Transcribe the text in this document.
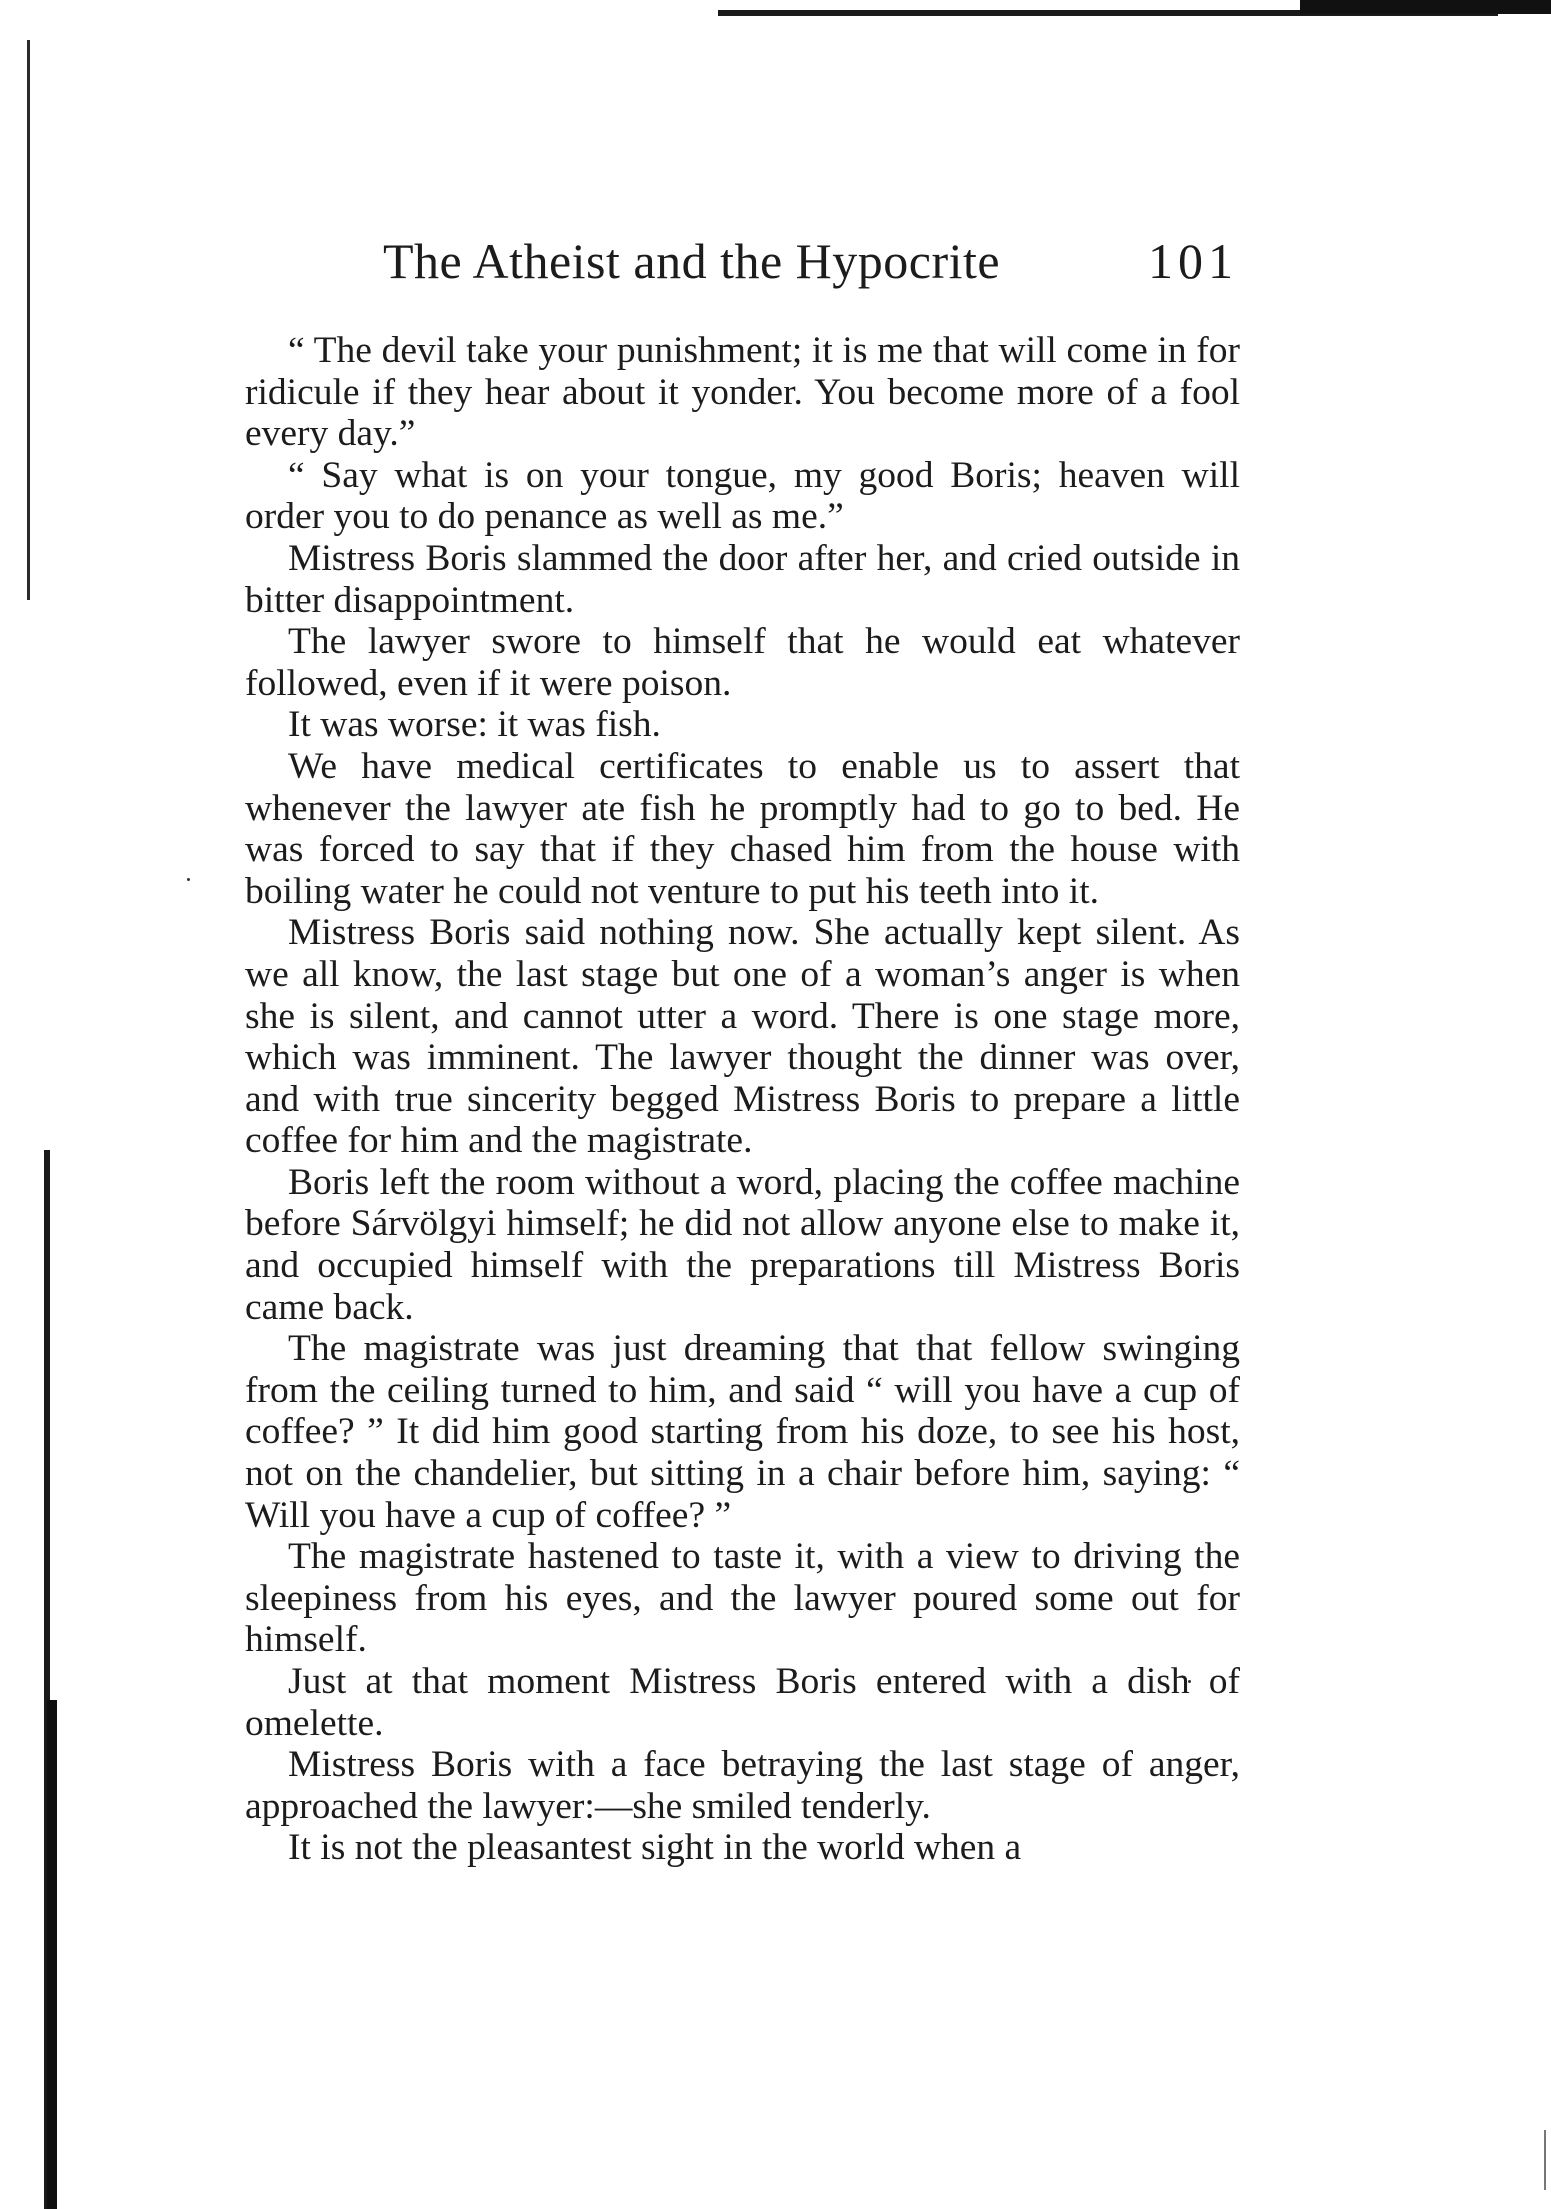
The Atheist and the Hypocrite	101

“ The devil take your punishment; it is me that will come in for ridicule if they hear about it yonder. You become more of a fool every day.”

“ Say what is on your tongue, my good Boris; heaven will order you to do penance as well as me.”

Mistress Boris slammed the door after her, and cried outside in bitter disappointment.

The lawyer swore to himself that he would eat whatever followed, even if it were poison.

It was worse: it was fish.

We have medical certificates to enable us to assert that whenever the lawyer ate fish he promptly had to go to bed. He was forced to say that if they chased him from the house with boiling water he could not venture to put his teeth into it.

Mistress Boris said nothing now. She actually kept silent. As we all know, the last stage but one of a woman’s anger is when she is silent, and cannot utter a word. There is one stage more, which was imminent. The lawyer thought the dinner was over, and with true sincerity begged Mistress Boris to prepare a little coffee for him and the magistrate.

Boris left the room without a word, placing the coffee machine before Sárvölgyi himself; he did not allow anyone else to make it, and occupied himself with the preparations till Mistress Boris came back.

The magistrate was just dreaming that that fellow swinging from the ceiling turned to him, and said “ will you have a cup of coffee? ” It did him good starting from his doze, to see his host, not on the chandelier, but sitting in a chair before him, saying: “ Will you have a cup of coffee? ”

The magistrate hastened to taste it, with a view to driving the sleepiness from his eyes, and the lawyer poured some out for himself.

Just at that moment Mistress Boris entered with a dish of omelette.

Mistress Boris with a face betraying the last stage of anger, approached the lawyer:—she smiled tenderly.

It is not the pleasantest sight in the world when a
